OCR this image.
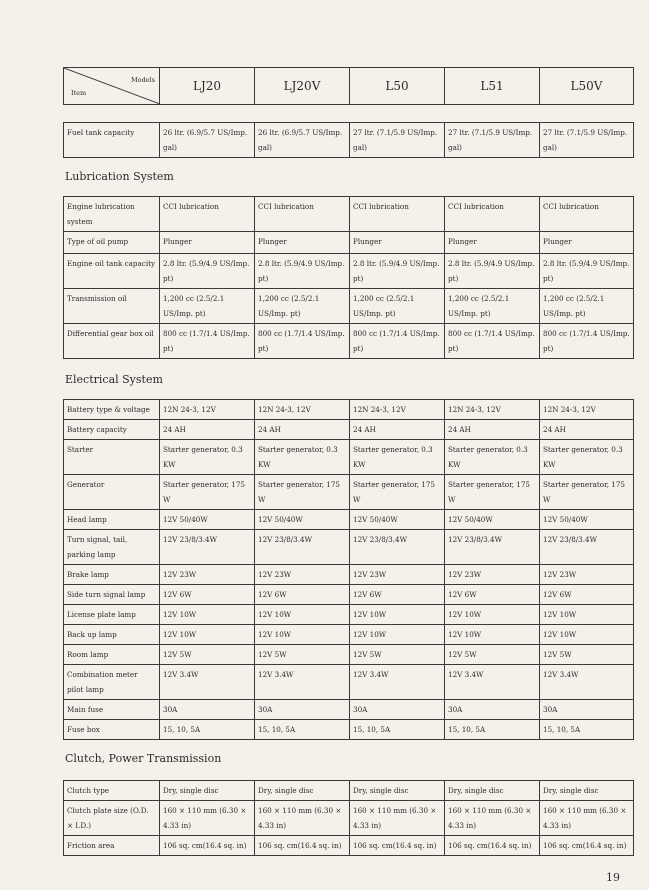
Models
Item
	LJ20	LJ20V	L50	L51	L50V
Fuel tank capacity	26 ltr. (6.9/5.7 US/Imp. gal)	26 ltr. (6.9/5.7 US/Imp. gal)	27 ltr. (7.1/5.9 US/Imp. gal)	27 ltr. (7.1/5.9 US/Imp. gal)	27 ltr. (7.1/5.9 US/Imp. gal)
Lubrication System
Engine lubrication system	CCI lubrication	CCI lubrication	CCI lubrication	CCI lubrication	CCI lubrication
Type of oil pump	Plunger	Plunger	Plunger	Plunger	Plunger
Engine oil tank capacity	2.8 ltr. (5.9/4.9 US/Imp. pt)	2.8 ltr. (5.9/4.9 US/Imp. pt)	2.8 ltr. (5.9/4.9 US/Imp. pt)	2.8 ltr. (5.9/4.9 US/Imp. pt)	2.8 ltr. (5.9/4.9 US/Imp. pt)
Transmission oil	1,200 cc (2.5/2.1 US/Imp. pt)	1,200 cc (2.5/2.1 US/Imp. pt)	1,200 cc (2.5/2.1 US/Imp. pt)	1,200 cc (2.5/2.1 US/Imp. pt)	1,200 cc (2.5/2.1 US/Imp. pt)
Differential gear box oil	800 cc (1.7/1.4 US/Imp. pt)	800 cc (1.7/1.4 US/Imp. pt)	800 cc (1.7/1.4 US/Imp. pt)	800 cc (1.7/1.4 US/Imp. pt)	800 cc (1.7/1.4 US/Imp. pt)
Electrical System
Battery type & voltage	12N 24-3, 12V	12N 24-3, 12V	12N 24-3, 12V	12N 24-3, 12V	12N 24-3, 12V
Battery capacity	24 AH	24 AH	24 AH	24 AH	24 AH
Starter	Starter generator, 0.3 KW	Starter generator, 0.3 KW	Starter generator, 0.3 KW	Starter generator, 0.3 KW	Starter generator, 0.3 KW
Generator	Starter generator, 175 W	Starter generator, 175 W	Starter generator, 175 W	Starter generator, 175 W	Starter generator, 175 W
Head lamp	12V 50/40W	12V 50/40W	12V 50/40W	12V 50/40W	12V 50/40W
Turn signal, tail, parking lamp	12V 23/8/3.4W	12V 23/8/3.4W	12V 23/8/3.4W	12V 23/8/3.4W	12V 23/8/3.4W
Brake lamp	12V 23W	12V 23W	12V 23W	12V 23W	12V 23W
Side turn signal lamp	12V 6W	12V 6W	12V 6W	12V 6W	12V 6W
License plate lamp	12V 10W	12V 10W	12V 10W	12V 10W	12V 10W
Back up lamp	12V 10W	12V 10W	12V 10W	12V 10W	12V 10W
Room lamp	12V 5W	12V 5W	12V 5W	12V 5W	12V 5W
Combination meter pilot lamp	12V 3.4W	12V 3.4W	12V 3.4W	12V 3.4W	12V 3.4W
Main fuse	30A	30A	30A	30A	30A
Fuse box	15, 10, 5A	15, 10, 5A	15, 10, 5A	15, 10, 5A	15, 10, 5A
Clutch, Power Transmission
Clutch type	Dry, single disc	Dry, single disc	Dry, single disc	Dry, single disc	Dry, single disc
Clutch plate size (O.D. × I.D.)	160 × 110 mm (6.30 × 4.33 in)	160 × 110 mm (6.30 × 4.33 in)	160 × 110 mm (6.30 × 4.33 in)	160 × 110 mm (6.30 × 4.33 in)	160 × 110 mm (6.30 × 4.33 in)
Friction area	106 sq. cm(16.4 sq. in)	106 sq. cm(16.4 sq. in)	106 sq. cm(16.4 sq. in)	106 sq. cm(16.4 sq. in)	106 sq. cm(16.4 sq. in)
19
